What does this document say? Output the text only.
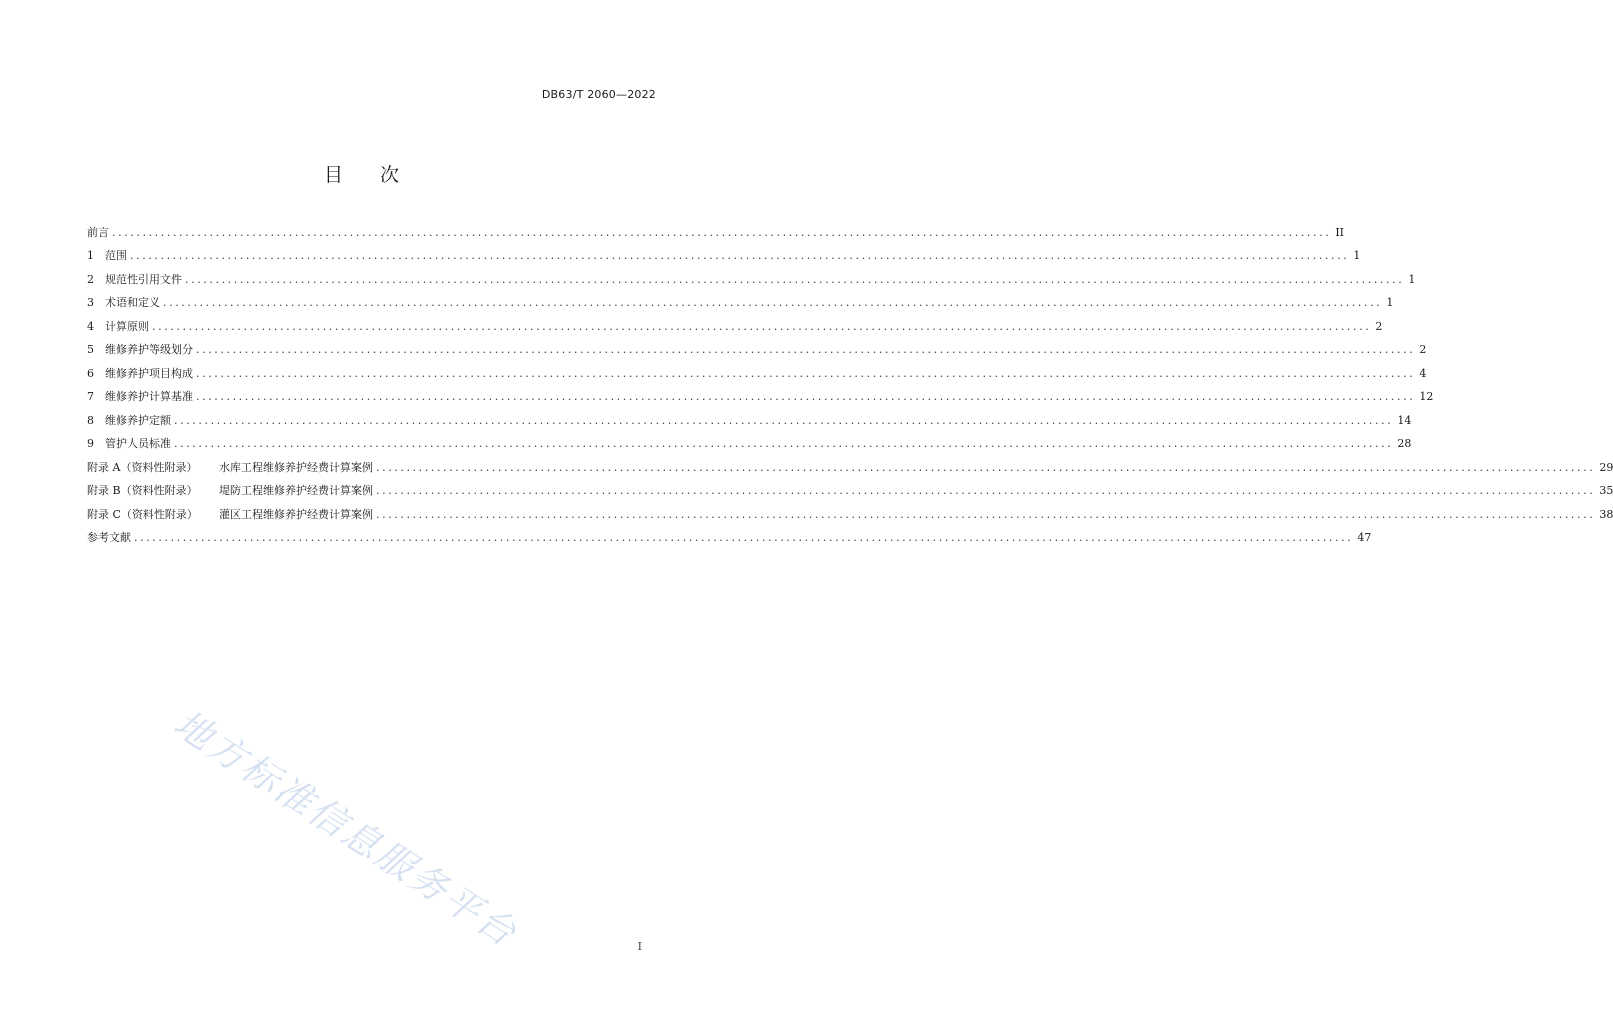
DB63/T 2060—2022
目 次
前言 ........................................................................................................................................................................................................ II
1	范围 ........................................................................................................................................................................................................ 1
2	规范性引用文件 ........................................................................................................................................................................................................ 1
3	术语和定义 ........................................................................................................................................................................................................ 1
4	计算原则 ........................................................................................................................................................................................................ 2
5	维修养护等级划分 ........................................................................................................................................................................................................ 2
6	维修养护项目构成 ........................................................................................................................................................................................................ 4
7	维修养护计算基准 ........................................................................................................................................................................................................ 12
8	维修养护定额 ........................................................................................................................................................................................................ 14
9	管护人员标准 ........................................................................................................................................................................................................ 28
附录 A（资料性附录） 水库工程维修养护经费计算案例 ........................................................................................................................................................................................................ 29
附录 B（资料性附录） 堤防工程维修养护经费计算案例 ........................................................................................................................................................................................................ 35
附录 C（资料性附录） 灌区工程维修养护经费计算案例 ........................................................................................................................................................................................................ 38
参考文献 ........................................................................................................................................................................................................ 47
地方标准信息服务平台	I
